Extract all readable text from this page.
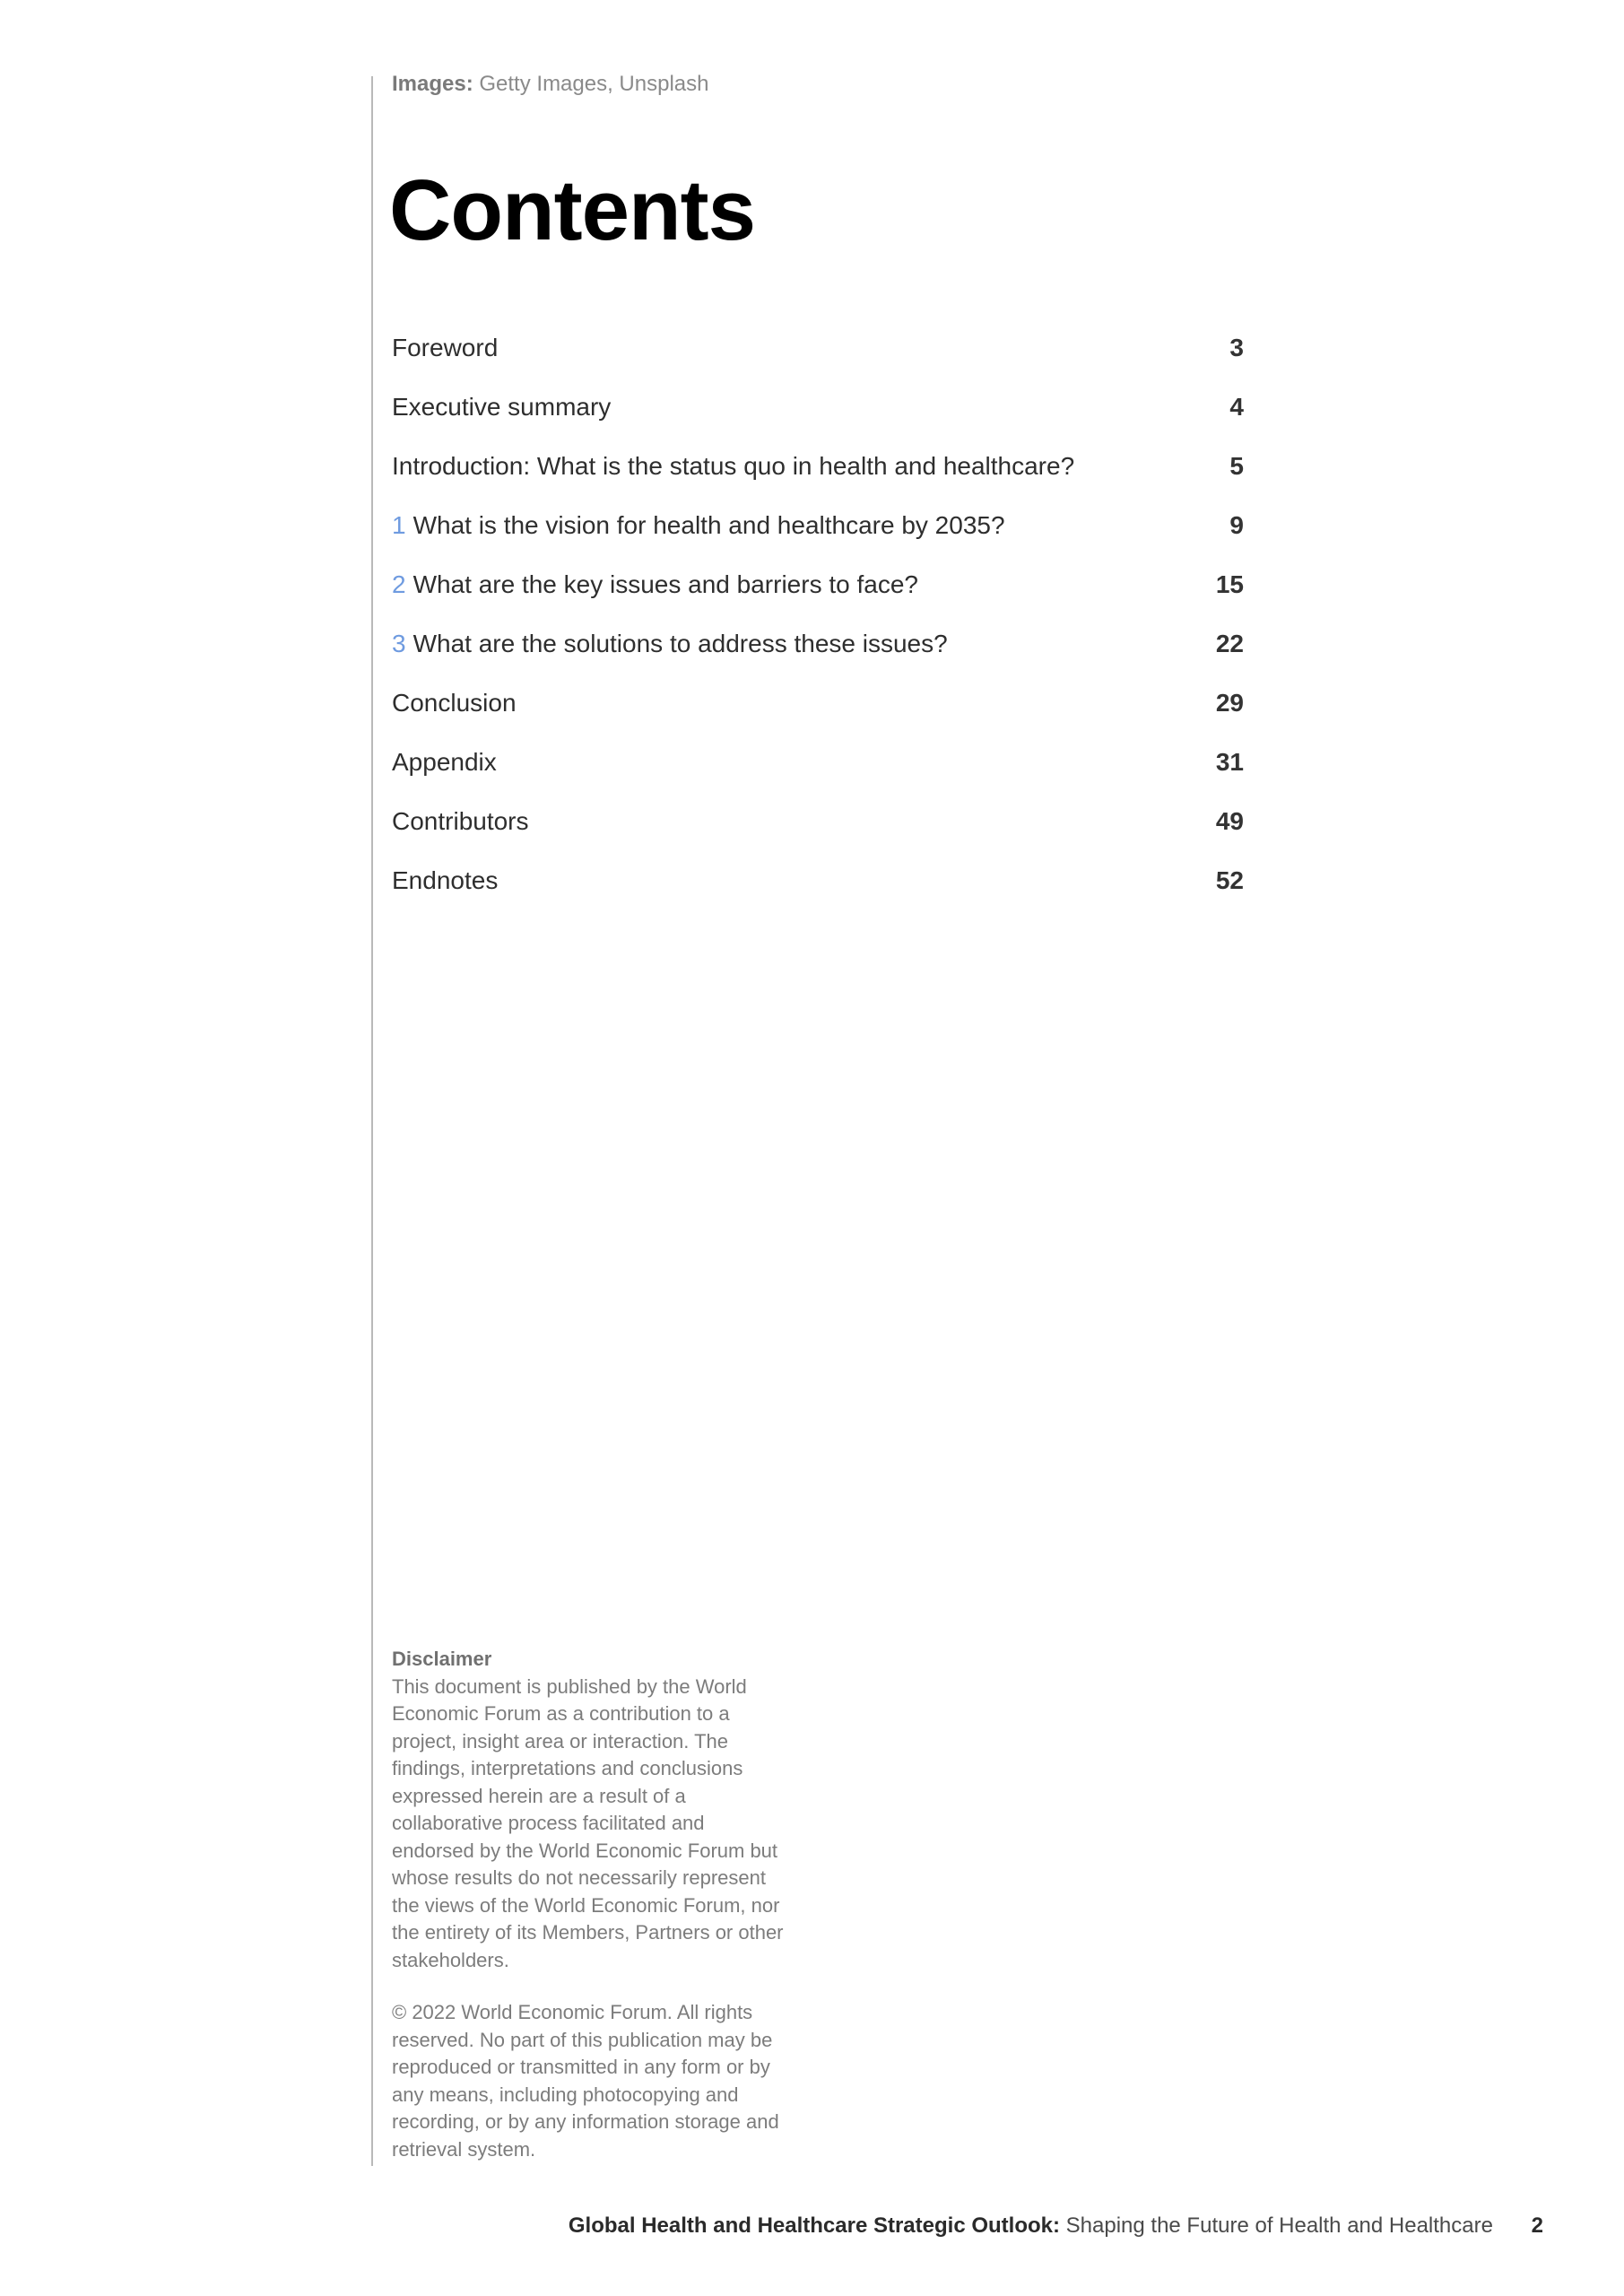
Images: Getty Images, Unsplash
Contents
Foreword	3
Executive summary	4
Introduction: What is the status quo in health and healthcare?	5
1 What is the vision for health and healthcare by 2035?	9
2 What are the key issues and barriers to face?	15
3 What are the solutions to address these issues?	22
Conclusion	29
Appendix	31
Contributors	49
Endnotes	52
Disclaimer
This document is published by the World Economic Forum as a contribution to a project, insight area or interaction. The findings, interpretations and conclusions expressed herein are a result of a collaborative process facilitated and endorsed by the World Economic Forum but whose results do not necessarily represent the views of the World Economic Forum, nor the entirety of its Members, Partners or other stakeholders.
© 2022 World Economic Forum. All rights reserved. No part of this publication may be reproduced or transmitted in any form or by any means, including photocopying and recording, or by any information storage and retrieval system.
Global Health and Healthcare Strategic Outlook: Shaping the Future of Health and Healthcare 2
